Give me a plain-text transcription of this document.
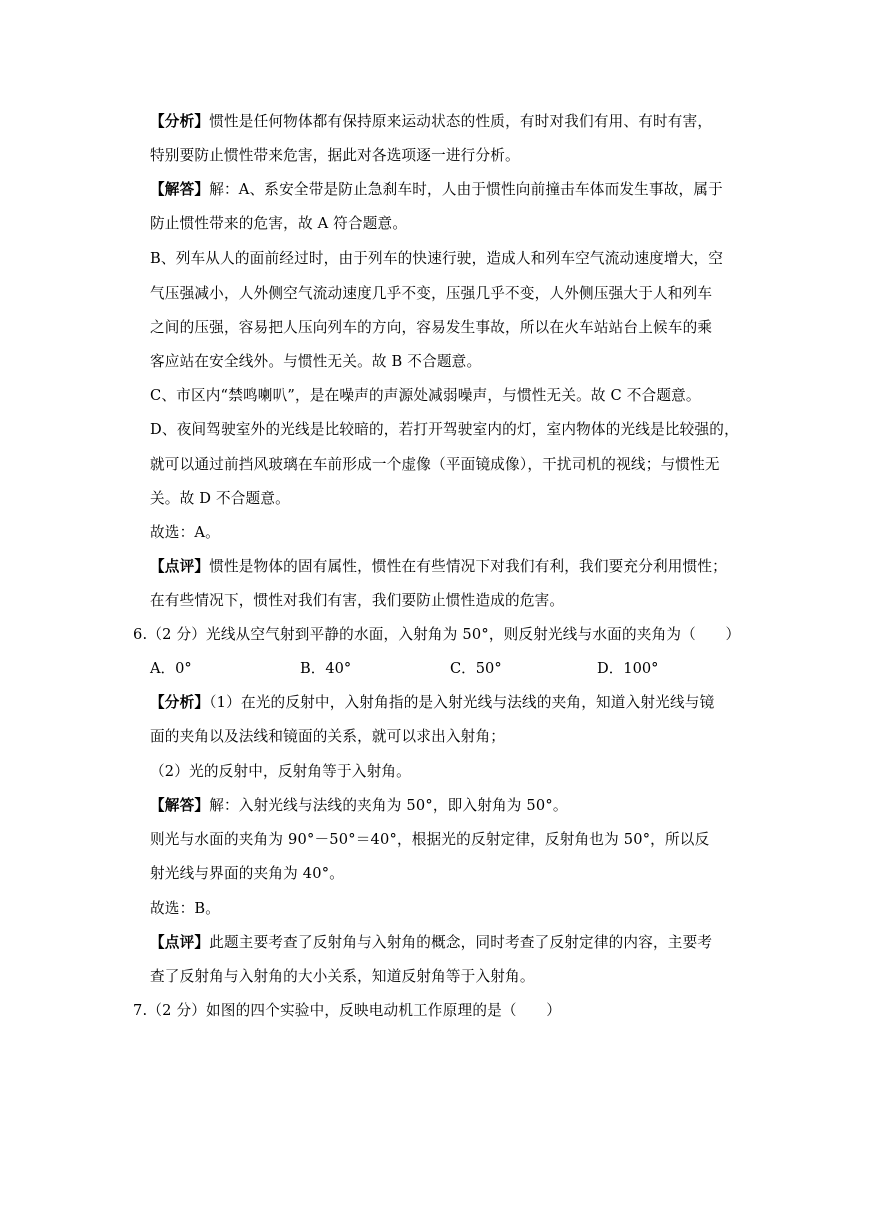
【分析】惯性是任何物体都有保持原来运动状态的性质，有时对我们有用、有时有害，
特别要防止惯性带来危害，据此对各选项逐一进行分析。
【解答】解：A、系安全带是防止急刹车时，人由于惯性向前撞击车体而发生事故，属于
防止惯性带来的危害，故 A 符合题意。
B、列车从人的面前经过时，由于列车的快速行驶，造成人和列车空气流动速度增大，空
气压强减小，人外侧空气流动速度几乎不变，压强几乎不变，人外侧压强大于人和列车
之间的压强，容易把人压向列车的方向，容易发生事故，所以在火车站站台上候车的乘
客应站在安全线外。与惯性无关。故 B 不合题意。
C、市区内“禁鸣喇叭”，是在噪声的声源处减弱噪声，与惯性无关。故 C 不合题意。
D、夜间驾驶室外的光线是比较暗的，若打开驾驶室内的灯，室内物体的光线是比较强的，
就可以通过前挡风玻璃在车前形成一个虚像（平面镜成像），干扰司机的视线；与惯性无
关。故 D 不合题意。
故选：A。
【点评】惯性是物体的固有属性，惯性在有些情况下对我们有利，我们要充分利用惯性；
在有些情况下，惯性对我们有害，我们要防止惯性造成的危害。
6.（2 分）光线从空气射到平静的水面，入射角为 50°，则反射光线与水面的夹角为（　　）
A．0°	B．40°	C．50°	D．100°
【分析】（1）在光的反射中，入射角指的是入射光线与法线的夹角，知道入射光线与镜
面的夹角以及法线和镜面的关系，就可以求出入射角；
（2）光的反射中，反射角等于入射角。
【解答】解：入射光线与法线的夹角为 50°，即入射角为 50°。
则光与水面的夹角为 90°－50°＝40°，根据光的反射定律，反射角也为 50°，所以反
射光线与界面的夹角为 40°。
故选：B。
【点评】此题主要考查了反射角与入射角的概念，同时考查了反射定律的内容，主要考
查了反射角与入射角的大小关系，知道反射角等于入射角。
7.（2 分）如图的四个实验中，反映电动机工作原理的是（　　）
